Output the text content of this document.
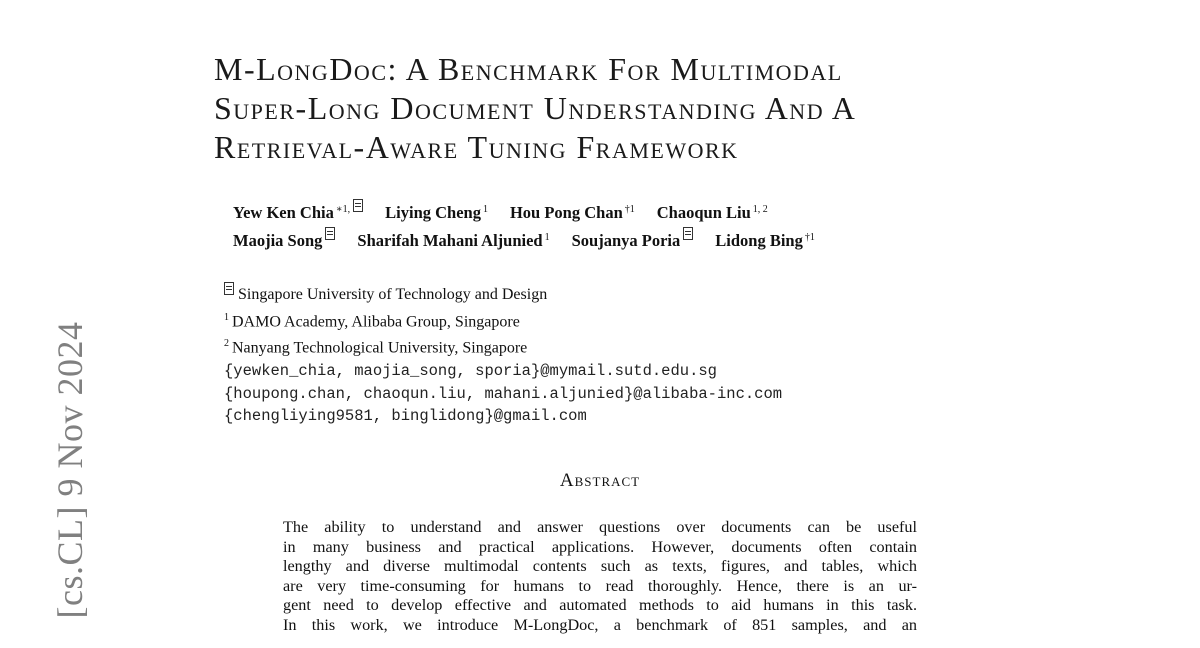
[cs.CL] 9 Nov 2024
M-LongDoc: A Benchmark For Multimodal
Super-Long Document Understanding And A
Retrieval-Aware Tuning Framework
Yew Ken Chia $^{∗1,}$	Liying Cheng $^1$ Hou Pong Chan $^{\dagger 1}$ Chaoqun Liu $^{1, 2}$
Maojia Song	Sharifah Mahani Aljunied $^1$ Soujanya Poria	Lidong Bing $^{\dagger 1}$
Singapore University of Technology and Design
$^1$ DAMO Academy, Alibaba Group, Singapore
$^2$ Nanyang Technological University, Singapore
{yewken_chia, maojia_song, sporia}@mymail.sutd.edu.sg
{houpong.chan, chaoqun.liu, mahani.aljunied}@alibaba-inc.com
{chengliying9581, binglidong}@gmail.com
Abstract
The ability to understand and answer questions over documents can be useful
in many business and practical applications. However, documents often contain
lengthy and diverse multimodal contents such as texts, figures, and tables, which
are very time-consuming for humans to read thoroughly. Hence, there is an ur-
gent need to develop effective and automated methods to aid humans in this task.
In this work, we introduce M-LongDoc, a benchmark of 851 samples, and an
